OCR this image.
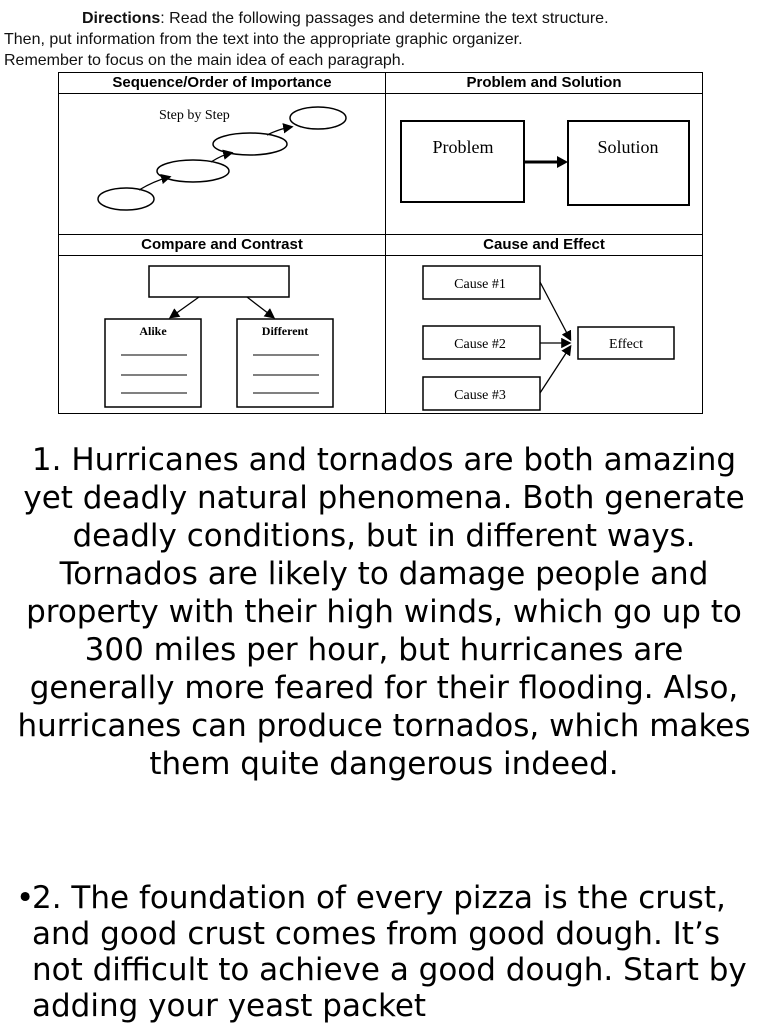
Directions: Read the following passages and determine the text structure.
Then, put information from the text into the appropriate graphic organizer.
Remember to focus on the main idea of each paragraph.
Sequence/Order of Importance	Problem and Solution
Compare and Contrast	Cause and Effect
Step by Step
Problem	Solution
Alike	Different
Cause #1
Cause #2
Cause #3
Effect
1. Hurricanes and tornados are both amazing yet deadly natural phenomena. Both generate deadly conditions, but in different ways. Tornados are likely to damage people and property with their high winds, which go up to 300 miles per hour, but hurricanes are generally more feared for their flooding. Also, hurricanes can produce tornados, which makes them quite dangerous indeed.
•
2. The foundation of every pizza is the crust, and good crust comes from good dough. It’s not difficult to achieve a good dough. Start by adding your yeast packet
